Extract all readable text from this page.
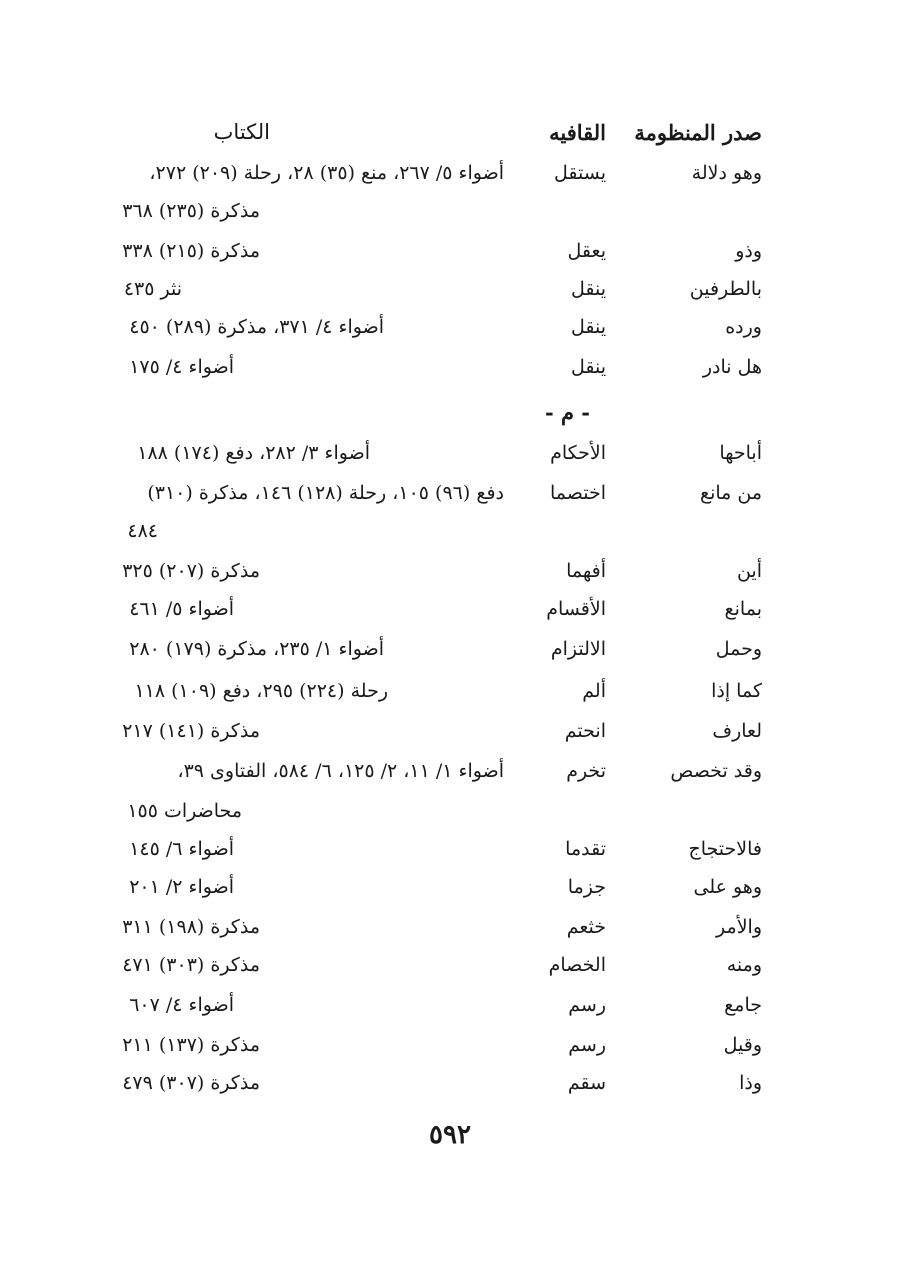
صدر المنظومة
القافيه
الكتاب
وهو دلالة
يستقل
أضواء ٥/ ٢٦٧، منع (٣٥) ٢٨، رحلة (٢٠٩) ٢٧٢،
مذكرة (٢٣٥) ٣٦٨
وذو
يعقل
مذكرة (٢١٥) ٣٣٨
بالطرفين
ينقل
نثر ٤٣٥
ورده
ينقل
أضواء ٤/ ٣٧١، مذكرة (٢٨٩) ٤٥٠
هل نادر
ينقل
أضواء ٤/ ١٧٥
- م -
أباحها
الأحكام
أضواء ٣/ ٢٨٢، دفع (١٧٤) ١٨٨
من مانع
اختصما
دفع (٩٦) ١٠٥، رحلة (١٢٨) ١٤٦، مذكرة (٣١٠)
٤٨٤
أين
أفهما
مذكرة (٢٠٧) ٣٢٥
بمانع
الأقسام
أضواء ٥/ ٤٦١
وحمل
الالتزام
أضواء ١/ ٢٣٥، مذكرة (١٧٩) ٢٨٠
كما إذا
ألم
رحلة (٢٢٤) ٢٩٥، دفع (١٠٩) ١١٨
لعارف
انحتم
مذكرة (١٤١) ٢١٧
وقد تخصص
تخرم
أضواء ١/ ١١، ٢/ ١٢٥، ٦/ ٥٨٤، الفتاوى ٣٩،
محاضرات ١٥٥
فالاحتجاج
تقدما
أضواء ٦/ ١٤٥
وهو على
جزما
أضواء ٢/ ٢٠١
والأمر
خثعم
مذكرة (١٩٨) ٣١١
ومنه
الخصام
مذكرة (٣٠٣) ٤٧١
جامع
رسم
أضواء ٤/ ٦٠٧
وقيل
رسم
مذكرة (١٣٧) ٢١١
وذا
سقم
مذكرة (٣٠٧) ٤٧٩
٥٩٢
